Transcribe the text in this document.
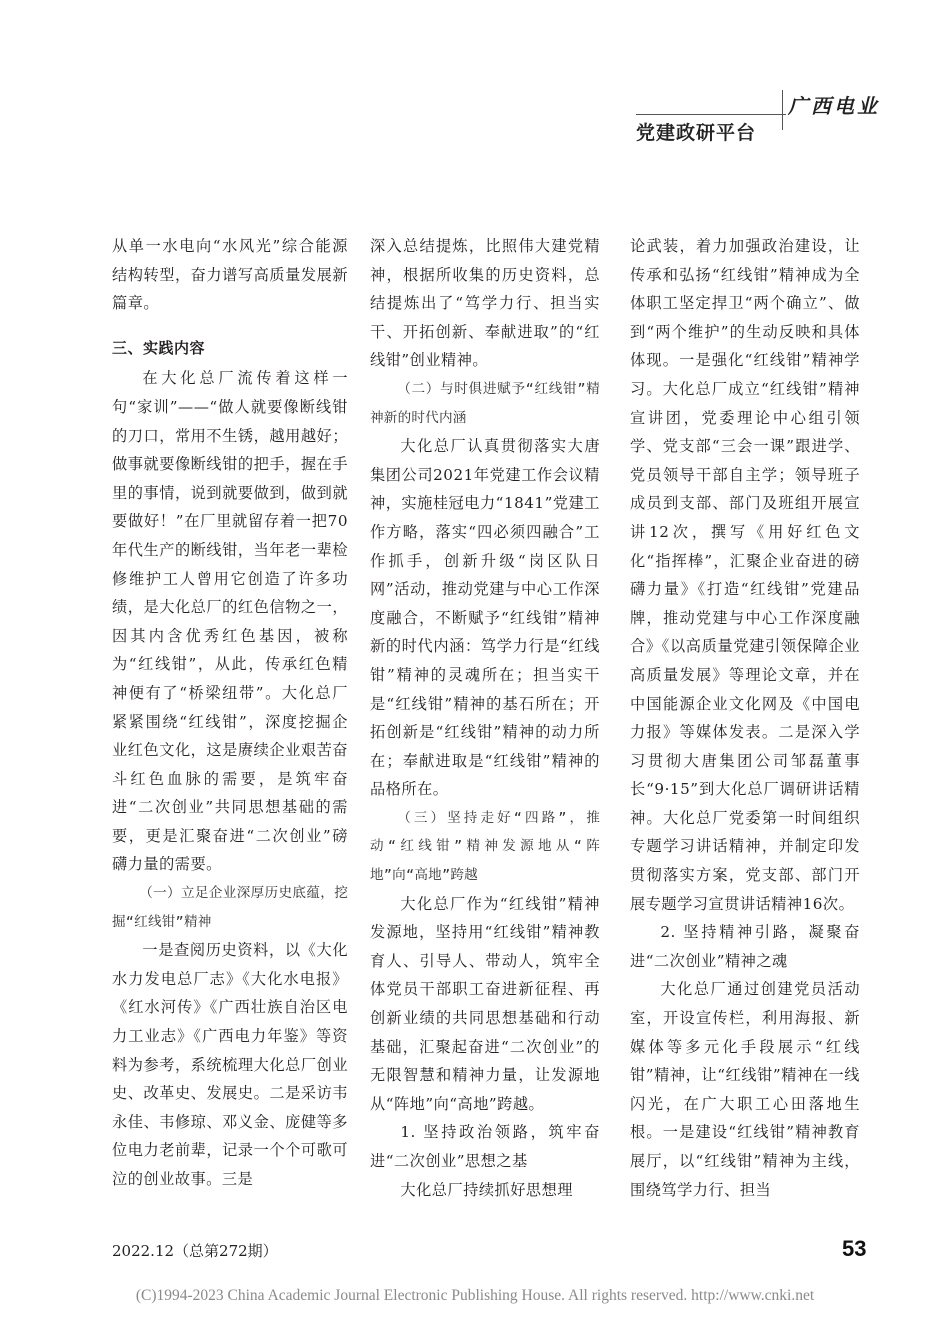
广西电业
党建政研平台

从单一水电向“水风光”综合能源结构转型，奋力谱写高质量发展新篇章。

三、实践内容

在大化总厂流传着这样一句“家训”——“做人就要像断线钳的刀口，常用不生锈，越用越好；做事就要像断线钳的把手，握在手里的事情，说到就要做到，做到就要做好！”在厂里就留存着一把70年代生产的断线钳，当年老一辈检修维护工人曾用它创造了许多功绩，是大化总厂的红色信物之一，因其内含优秀红色基因，被称为“红线钳”，从此，传承红色精神便有了“桥梁纽带”。大化总厂紧紧围绕“红线钳”，深度挖掘企业红色文化，这是赓续企业艰苦奋斗红色血脉的需要，是筑牢奋进“二次创业”共同思想基础的需要，更是汇聚奋进“二次创业”磅礴力量的需要。

（一）立足企业深厚历史底蕴，挖掘“红线钳”精神

一是查阅历史资料，以《大化水力发电总厂志》《大化水电报》《红水河传》《广西壮族自治区电力工业志》《广西电力年鉴》等资料为参考，系统梳理大化总厂创业史、改革史、发展史。二是采访韦永佳、韦修琼、邓义金、庞健等多位电力老前辈，记录一个个可歌可泣的创业故事。三是

深入总结提炼，比照伟大建党精神，根据所收集的历史资料，总结提炼出了“笃学力行、担当实干、开拓创新、奉献进取”的“红线钳”创业精神。

（二）与时俱进赋予“红线钳”精神新的时代内涵

大化总厂认真贯彻落实大唐集团公司2021年党建工作会议精神，实施桂冠电力“1841”党建工作方略，落实“四必须四融合”工作抓手，创新升级“岗区队日网”活动，推动党建与中心工作深度融合，不断赋予“红线钳”精神新的时代内涵：笃学力行是“红线钳”精神的灵魂所在；担当实干是“红线钳”精神的基石所在；开拓创新是“红线钳”精神的动力所在；奉献进取是“红线钳”精神的品格所在。

（三）坚持走好“四路”，推动“红线钳”精神发源地从“阵地”向“高地”跨越

大化总厂作为“红线钳”精神发源地，坚持用“红线钳”精神教育人、引导人、带动人，筑牢全体党员干部职工奋进新征程、再创新业绩的共同思想基础和行动基础，汇聚起奋进“二次创业”的无限智慧和精神力量，让发源地从“阵地”向“高地”跨越。

1. 坚持政治领路，筑牢奋进“二次创业”思想之基

大化总厂持续抓好思想理

论武装，着力加强政治建设，让传承和弘扬“红线钳”精神成为全体职工坚定捍卫“两个确立”、做到“两个维护”的生动反映和具体体现。一是强化“红线钳”精神学习。大化总厂成立“红线钳”精神宣讲团，党委理论中心组引领学、党支部“三会一课”跟进学、党员领导干部自主学；领导班子成员到支部、部门及班组开展宣讲12次，撰写《用好红色文化“指挥棒”，汇聚企业奋进的磅礴力量》《打造“红线钳”党建品牌，推动党建与中心工作深度融合》《以高质量党建引领保障企业高质量发展》等理论文章，并在中国能源企业文化网及《中国电力报》等媒体发表。二是深入学习贯彻大唐集团公司邹磊董事长“9·15”到大化总厂调研讲话精神。大化总厂党委第一时间组织专题学习讲话精神，并制定印发贯彻落实方案，党支部、部门开展专题学习宣贯讲话精神16次。

2. 坚持精神引路，凝聚奋进“二次创业”精神之魂

大化总厂通过创建党员活动室，开设宣传栏，利用海报、新媒体等多元化手段展示“红线钳”精神，让“红线钳”精神在一线闪光，在广大职工心田落地生根。一是建设“红线钳”精神教育展厅，以“红线钳”精神为主线，围绕笃学力行、担当

2022.12（总第272期）	53
(C)1994-2023 China Academic Journal Electronic Publishing House. All rights reserved. http://www.cnki.net
